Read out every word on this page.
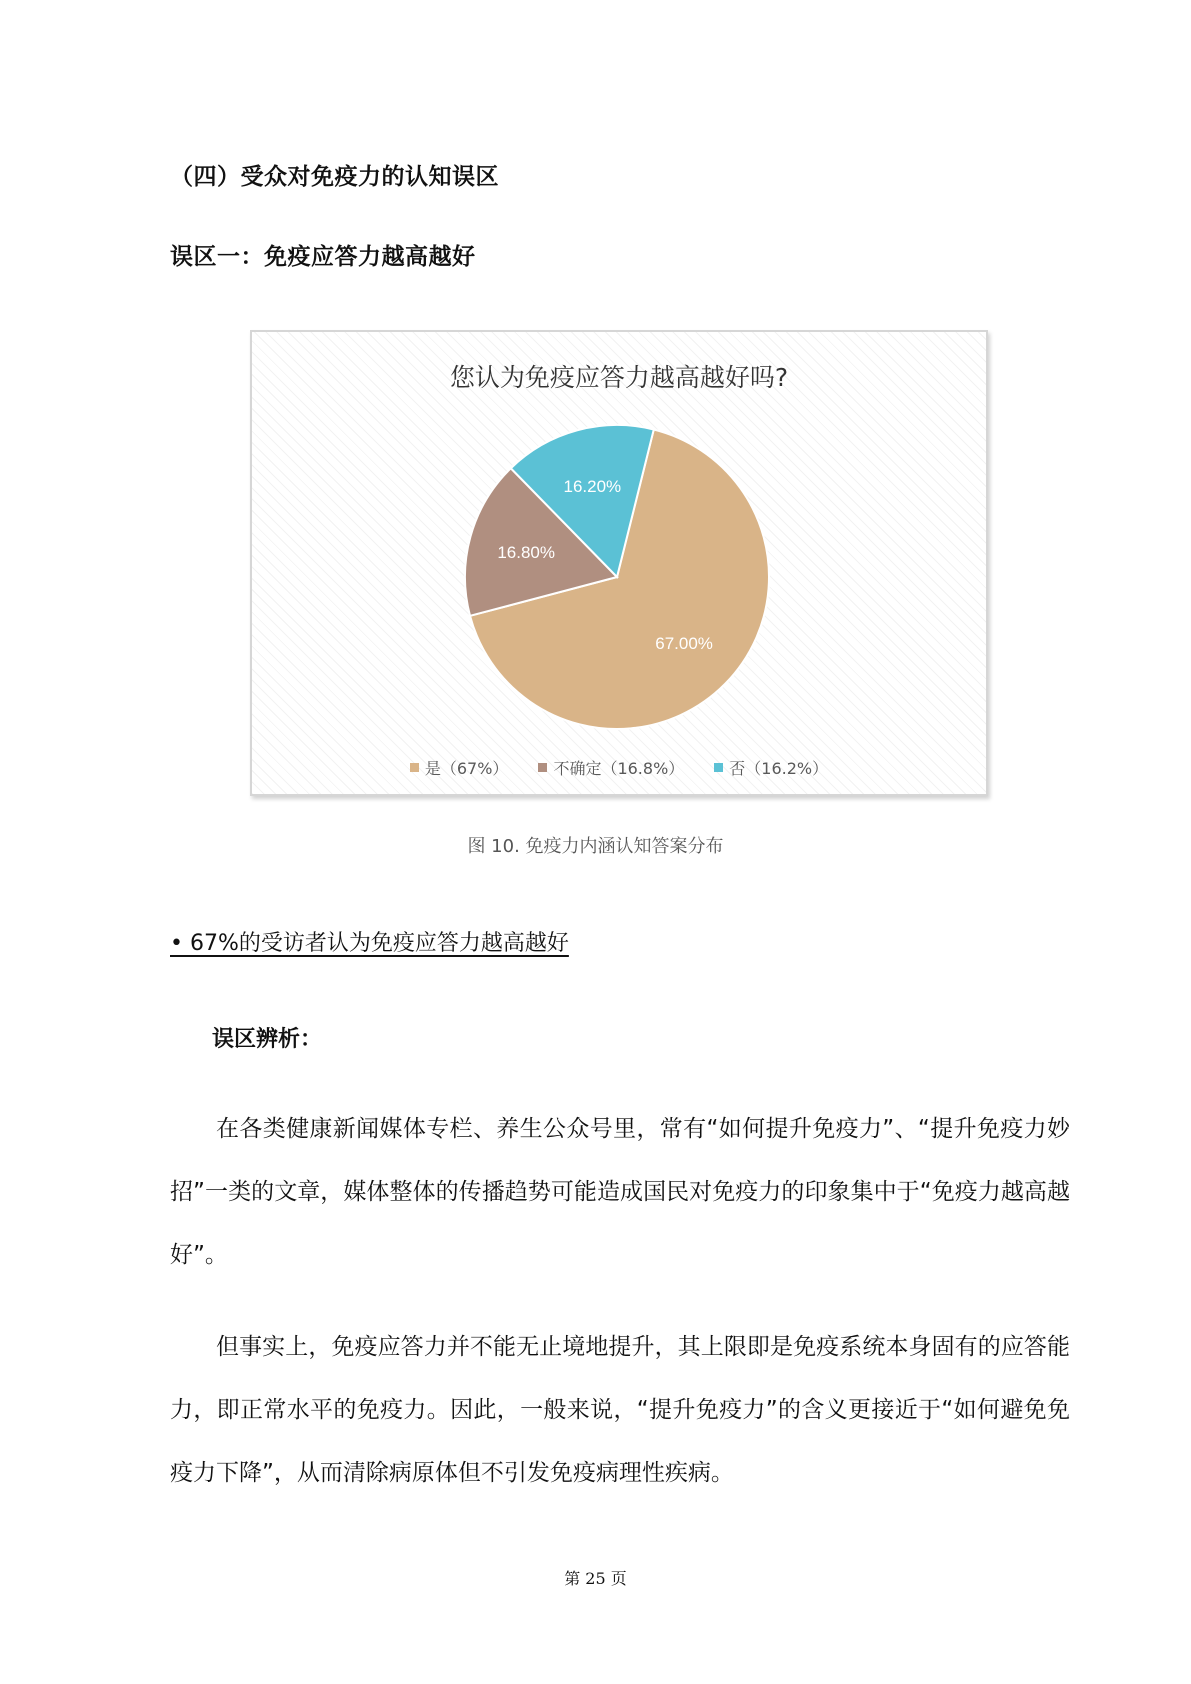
（四）受众对免疫力的认知误区
误区一：免疫应答力越高越好
您认为免疫应答力越高越好吗?
67.00%
16.80%
16.20%
是（67%）	不确定（16.8%）	否（16.2%）
图 10. 免疫力内涵认知答案分布
• 67%的受访者认为免疫应答力越高越好
误区辨析：

在各类健康新闻媒体专栏、养生公众号里，常有“如何提升免疫力”、“提升免疫力妙招”一类的文章，媒体整体的传播趋势可能造成国民对免疫力的印象集中于“免疫力越高越好”。

但事实上，免疫应答力并不能无止境地提升，其上限即是免疫系统本身固有的应答能力，即正常水平的免疫力。因此，一般来说，“提升免疫力”的含义更接近于“如何避免免疫力下降”，从而清除病原体但不引发免疫病理性疾病。

第 25 页
